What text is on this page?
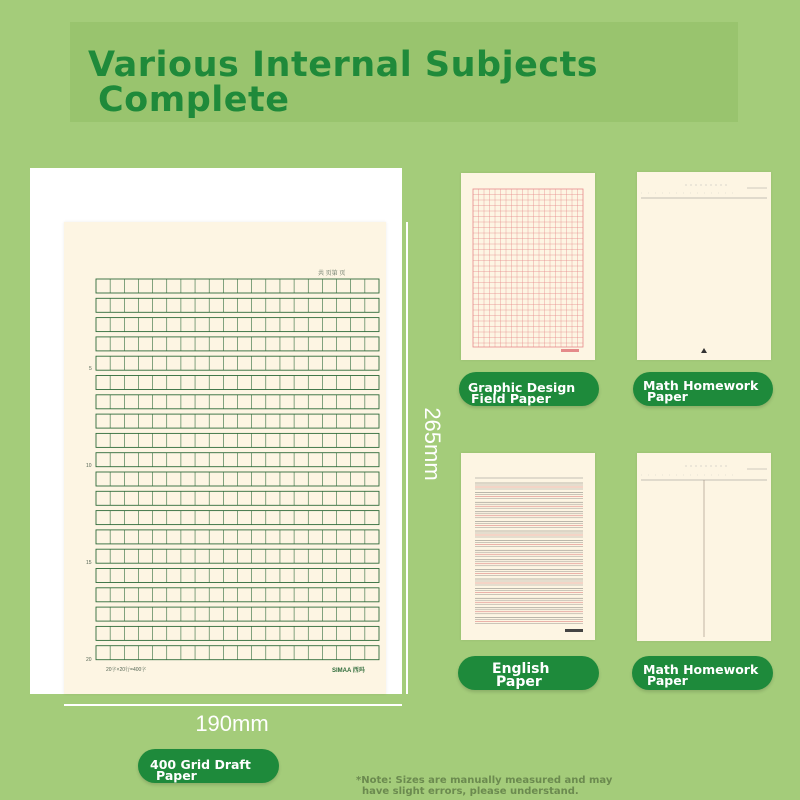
Various Internal Subjects
Complete
共 页第 页
5
10
15
20
20字×20行=400字	SIMAA 西玛
265mm
190mm
Graphic Design
Field Paper
Math Homework
Paper
English
Paper
Math Homework
Paper
400 Grid Draft
Paper	*Note: Sizes are manually measured and may
have slight errors, please understand.
